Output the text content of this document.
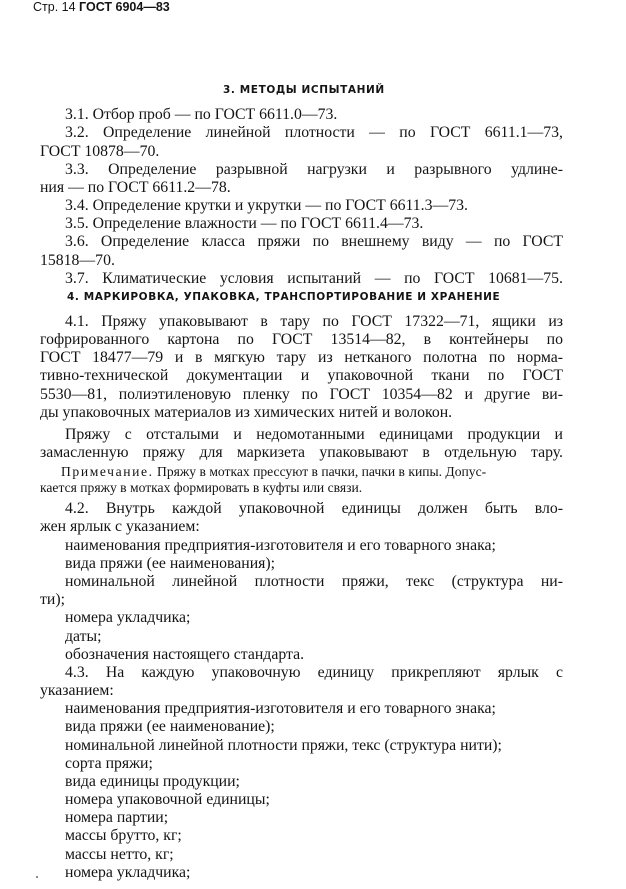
Стр. 14 ГОСТ 6904—83
3. МЕТОДЫ ИСПЫТАНИЙ
3.1. Отбор проб — по ГОСТ 6611.0—73.
3.2. Определение линейной плотности — по ГОСТ 6611.1—73,
ГОСТ 10878—70.
3.3. Определение разрывной нагрузки и разрывного удлине-
ния — по ГОСТ 6611.2—78.
3.4. Определение крутки и укрутки — по ГОСТ 6611.3—73.
3.5. Определение влажности — по ГОСТ 6611.4—73.
3.6. Определение класса пряжи по внешнему виду — по ГОСТ
15818—70.
3.7. Климатические условия испытаний — по ГОСТ 10681—75.
4. МАРКИРОВКА, УПАКОВКА, ТРАНСПОРТИРОВАНИЕ И ХРАНЕНИЕ
4.1. Пряжу упаковывают в тару по ГОСТ 17322—71, ящики из
гофрированного картона по ГОСТ 13514—82, в контейнеры по
ГОСТ 18477—79 и в мягкую тару из нетканого полотна по норма-
тивно-технической документации и упаковочной ткани по ГОСТ
5530—81, полиэтиленовую пленку по ГОСТ 10354—82 и другие ви-
ды упаковочных материалов из химических нитей и волокон.
Пряжу с отсталыми и недомотанными единицами продукции и
замасленную пряжу для маркизета упаковывают в отдельную тару.
Примечание. Пряжу в мотках прессуют в пачки, пачки в кипы. Допус-
кается пряжу в мотках формировать в куфты или связи.
4.2. Внутрь каждой упаковочной единицы должен быть вло-
жен ярлык с указанием:
наименования предприятия-изготовителя и его товарного знака;
вида пряжи (ее наименования);
номинальной линейной плотности пряжи, текс (структура ни-
ти);
номера укладчика;
даты;
обозначения настоящего стандарта.
4.3. На каждую упаковочную единицу прикрепляют ярлык с
указанием:
наименования предприятия-изготовителя и его товарного знака;
вида пряжи (ее наименование);
номинальной линейной плотности пряжи, текс (структура нити);
сорта пряжи;
вида единицы продукции;
номера упаковочной единицы;
номера партии;
массы брутто, кг;
массы нетто, кг;
номера укладчика;
